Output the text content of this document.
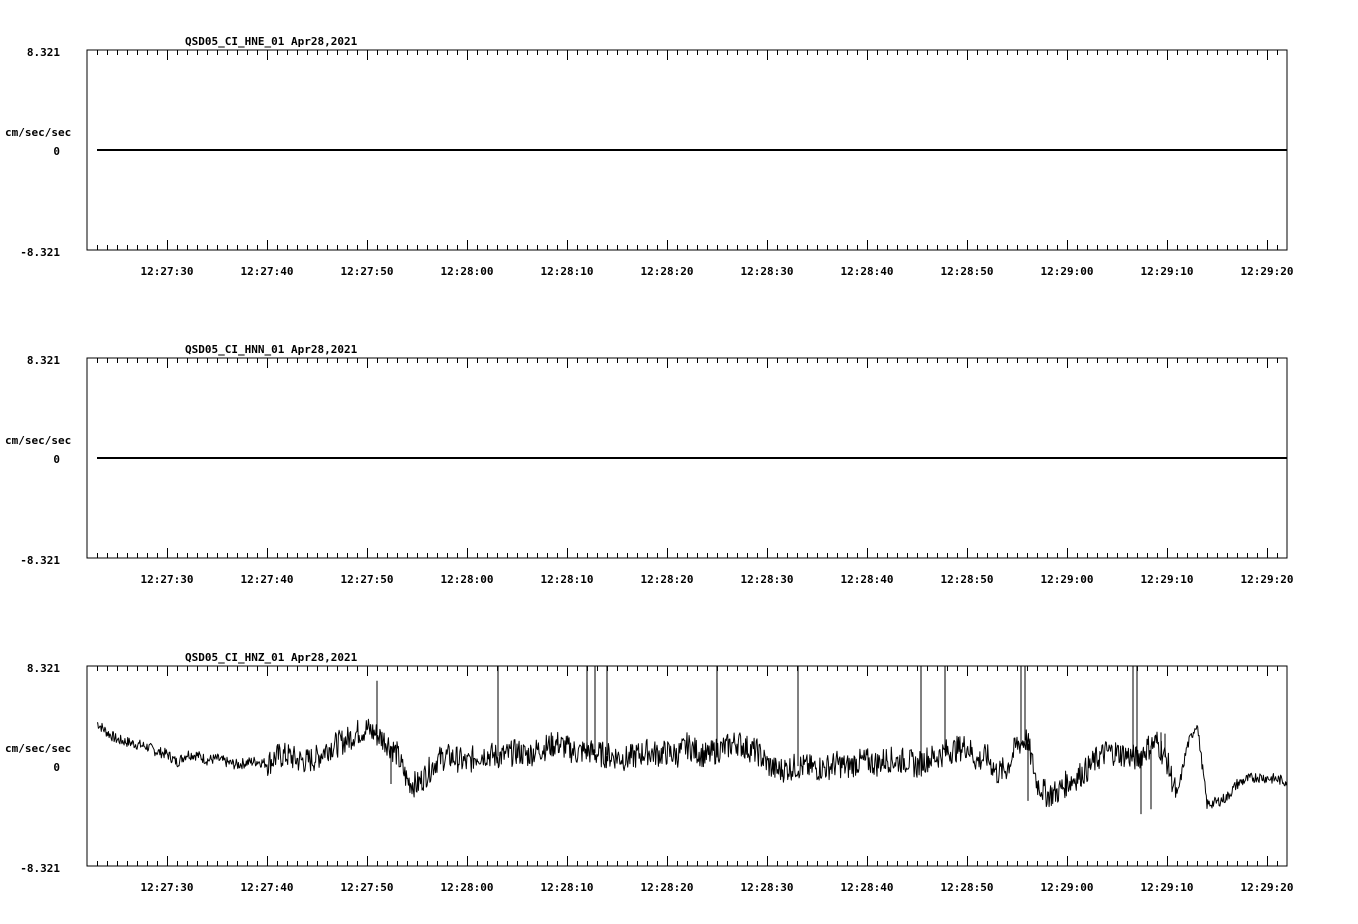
QSD05_CI_HNE_01 Apr28,2021
cm/sec/sec
8.321
0
-8.321
12:27:30	12:27:40	12:27:50	12:28:00	12:28:10	12:28:20	12:28:30	12:28:40	12:28:50	12:29:00	12:29:10	12:29:20
QSD05_CI_HNN_01 Apr28,2021
cm/sec/sec
8.321
0
-8.321
12:27:30	12:27:40	12:27:50	12:28:00	12:28:10	12:28:20	12:28:30	12:28:40	12:28:50	12:29:00	12:29:10	12:29:20
QSD05_CI_HNZ_01 Apr28,2021
cm/sec/sec
8.321
0
-8.321
12:27:30	12:27:40	12:27:50	12:28:00	12:28:10	12:28:20	12:28:30	12:28:40	12:28:50	12:29:00	12:29:10	12:29:20
